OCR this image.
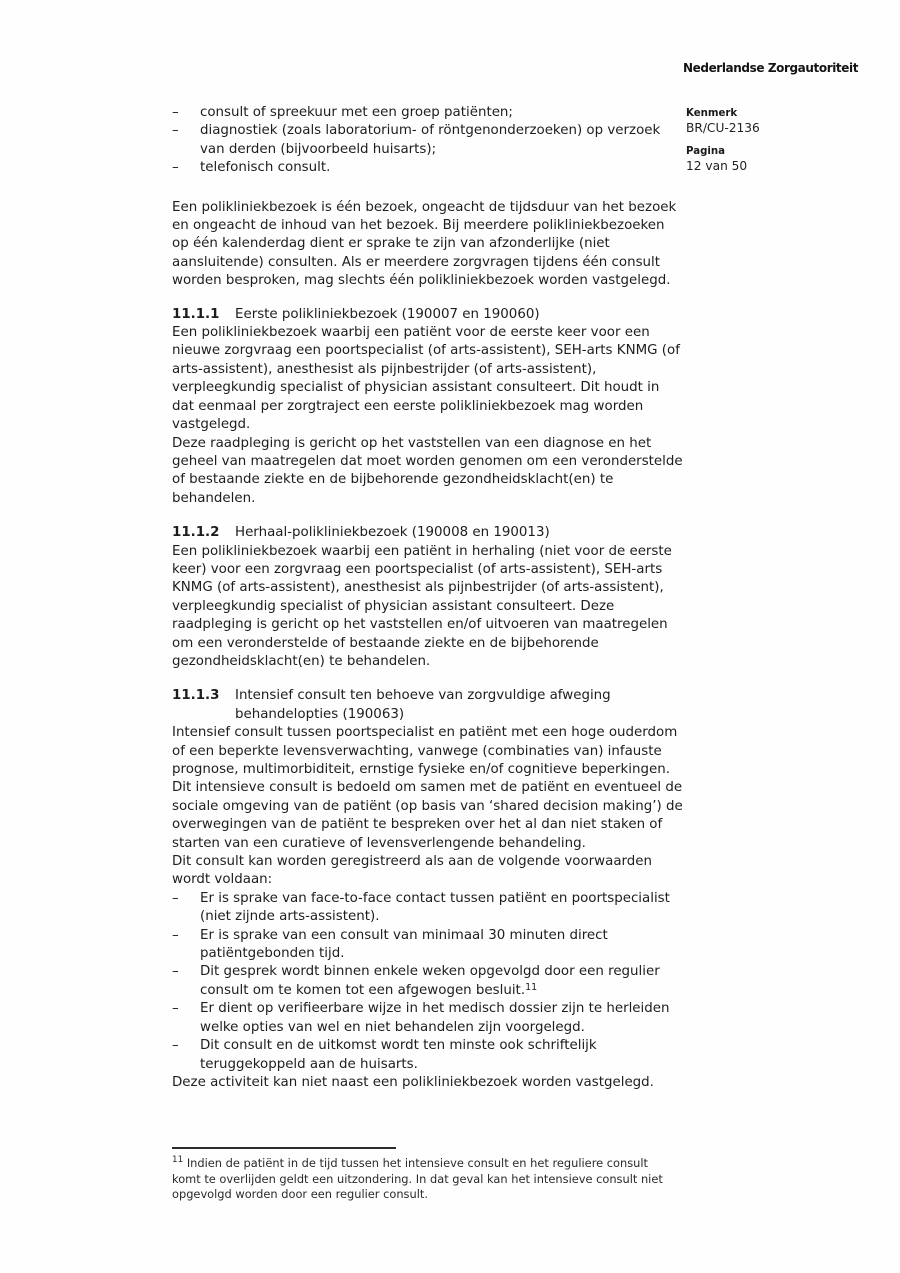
Nederlandse Zorgautoriteit
Kenmerk
BR/CU-2136
Pagina
12 van 50
–	consult of spreekuur met een groep patiënten;
–	diagnostiek (zoals laboratorium- of röntgenonderzoeken) op verzoek van derden (bijvoorbeeld huisarts);
–	telefonisch consult.

Een polikliniekbezoek is één bezoek, ongeacht de tijdsduur van het bezoek en ongeacht de inhoud van het bezoek. Bij meerdere polikliniekbezoeken op één kalenderdag dient er sprake te zijn van afzonderlijke (niet aansluitende) consulten. Als er meerdere zorgvragen tijdens één consult worden besproken, mag slechts één polikliniekbezoek worden vastgelegd.

11.1.1	Eerste polikliniekbezoek (190007 en 190060)

Een polikliniekbezoek waarbij een patiënt voor de eerste keer voor een nieuwe zorgvraag een poortspecialist (of arts-assistent), SEH-arts KNMG (of arts-assistent), anesthesist als pijnbestrijder (of arts-assistent), verpleegkundig specialist of physician assistant consulteert. Dit houdt in dat eenmaal per zorgtraject een eerste polikliniekbezoek mag worden vastgelegd.

Deze raadpleging is gericht op het vaststellen van een diagnose en het geheel van maatregelen dat moet worden genomen om een veronderstelde of bestaande ziekte en de bijbehorende gezondheidsklacht(en) te behandelen.

11.1.2	Herhaal-polikliniekbezoek (190008 en 190013)

Een polikliniekbezoek waarbij een patiënt in herhaling (niet voor de eerste keer) voor een zorgvraag een poortspecialist (of arts-assistent), SEH-arts KNMG (of arts-assistent), anesthesist als pijnbestrijder (of arts-assistent), verpleegkundig specialist of physician assistant consulteert. Deze raadpleging is gericht op het vaststellen en/of uitvoeren van maatregelen om een veronderstelde of bestaande ziekte en de bijbehorende gezondheidsklacht(en) te behandelen.

11.1.3	Intensief consult ten behoeve van zorgvuldige afweging behandelopties (190063)

Intensief consult tussen poortspecialist en patiënt met een hoge ouderdom of een beperkte levensverwachting, vanwege (combinaties van) infauste prognose, multimorbiditeit, ernstige fysieke en/of cognitieve beperkingen. Dit intensieve consult is bedoeld om samen met de patiënt en eventueel de sociale omgeving van de patiënt (op basis van ‘shared decision making’) de overwegingen van de patiënt te bespreken over het al dan niet staken of starten van een curatieve of levensverlengende behandeling.

Dit consult kan worden geregistreerd als aan de volgende voorwaarden wordt voldaan:

–	Er is sprake van face-to-face contact tussen patiënt en poortspecialist (niet zijnde arts-assistent).
–	Er is sprake van een consult van minimaal 30 minuten direct patiëntgebonden tijd.
–	Dit gesprek wordt binnen enkele weken opgevolgd door een regulier consult om te komen tot een afgewogen besluit.$^{11}$
–	Er dient op verifieerbare wijze in het medisch dossier zijn te herleiden welke opties van wel en niet behandelen zijn voorgelegd.
–	Dit consult en de uitkomst wordt ten minste ook schriftelijk teruggekoppeld aan de huisarts.

Deze activiteit kan niet naast een polikliniekbezoek worden vastgelegd.

$^{11}$ Indien de patiënt in de tijd tussen het intensieve consult en het reguliere consult komt te overlijden geldt een uitzondering. In dat geval kan het intensieve consult niet opgevolgd worden door een regulier consult.
